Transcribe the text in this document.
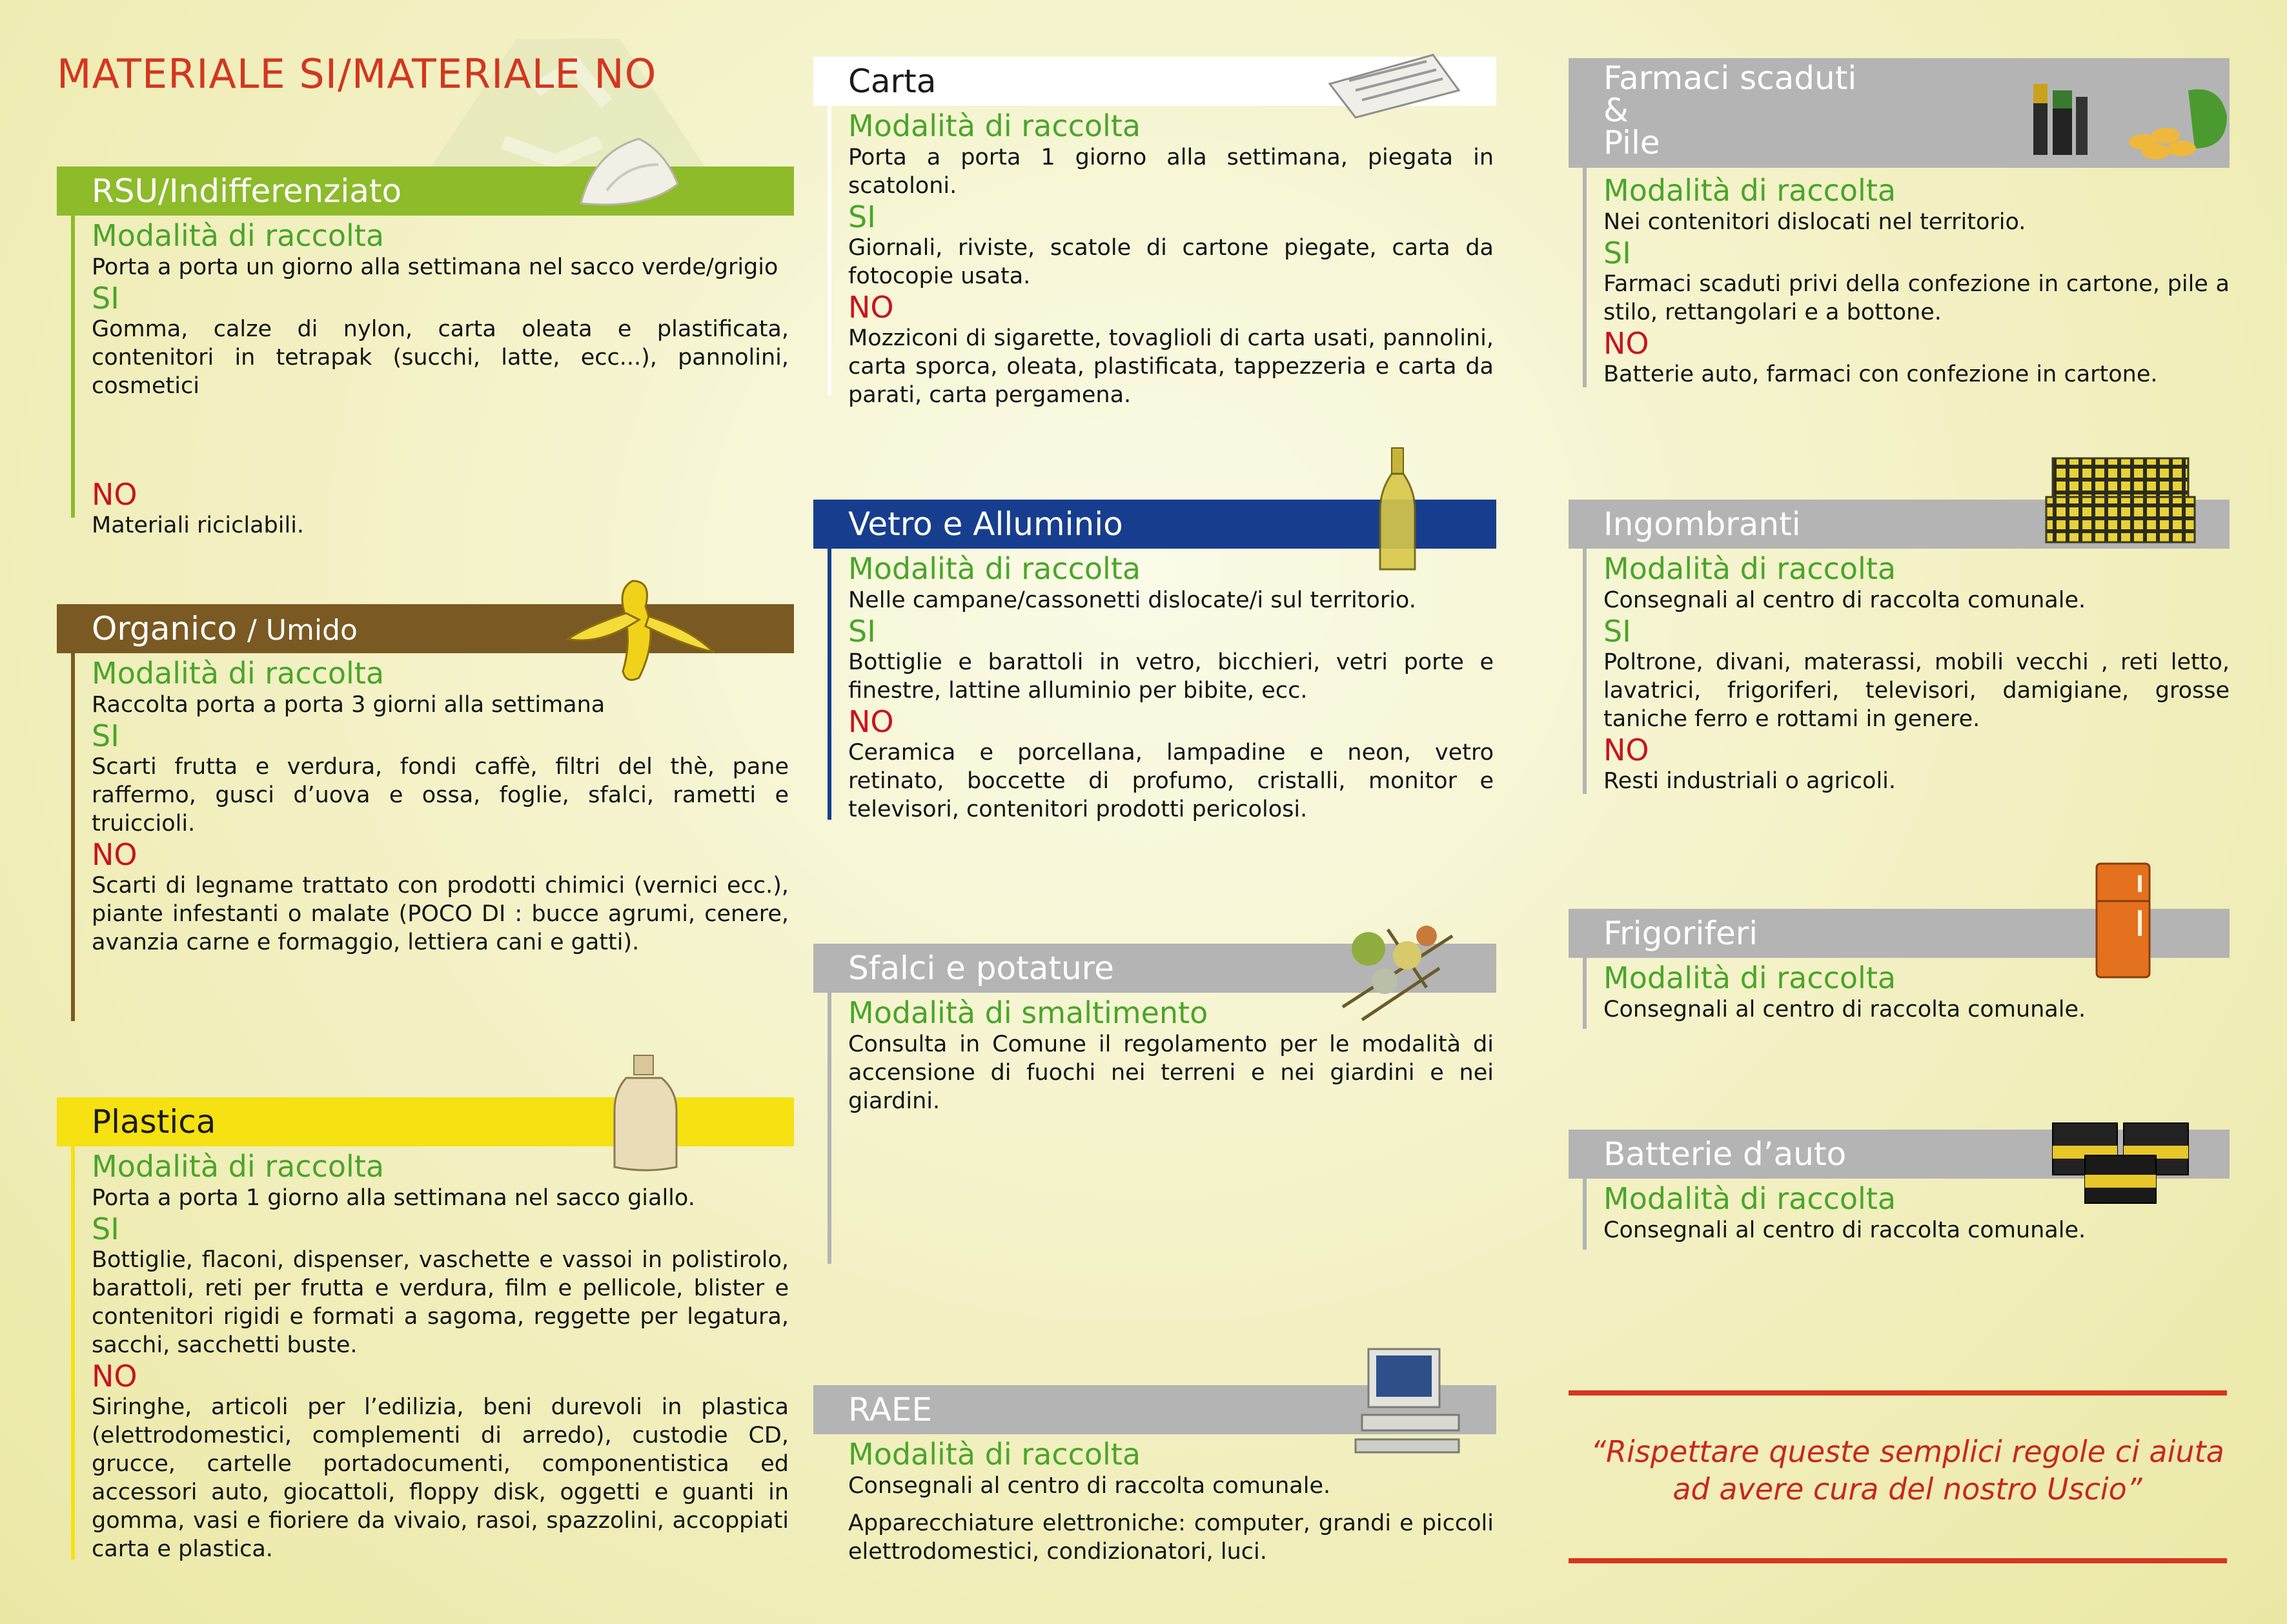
MATERIALE SI/MATERIALE NO
RSU/Indifferenziato

Modalità di raccolta

Porta a porta un giorno alla settimana nel sacco verde/grigio

SI

Gomma, calze di nylon, carta oleata e plastificata, contenitori in tetrapak (succhi, latte, ecc...), pannolini, cosmetici

NO

Materiali riciclabili.

Organico / Umido

Modalità di raccolta

Raccolta porta a porta 3 giorni alla settimana

SI

Scarti frutta e verdura, fondi caffè, filtri del thè, pane raffermo, gusci d’uova e ossa, foglie, sfalci, rametti e truiccioli.

NO

Scarti di legname trattato con prodotti chimici (vernici ecc.), piante infestanti o malate (POCO DI : bucce agrumi, cenere, avanzia carne e formaggio, lettiera cani e gatti).

Plastica

Modalità di raccolta

Porta a porta 1 giorno alla settimana nel sacco giallo.

SI

Bottiglie, flaconi, dispenser, vaschette e vassoi in polistirolo, barattoli, reti per frutta e verdura, film e pellicole, blister e contenitori rigidi e formati a sagoma, reggette per legatura, sacchi, sacchetti buste.

NO

Siringhe, articoli per l’edilizia, beni durevoli in plastica (elettrodomestici, complementi di arredo), custodie CD, grucce, cartelle portadocumenti, componentistica ed accessori auto, giocattoli, floppy disk, oggetti e guanti in gomma, vasi e fioriere da vivaio, rasoi, spazzolini, accoppiati carta e plastica.

Carta

Modalità di raccolta

Porta a porta 1 giorno alla settimana, piegata in scatoloni.

SI

Giornali, riviste, scatole di cartone piegate, carta da fotocopie usata.

NO

Mozziconi di sigarette, tovaglioli di carta usati, pannolini, carta sporca, oleata, plastificata, tappezzeria e carta da parati, carta pergamena.

Vetro e Alluminio

Modalità di raccolta

Nelle campane/cassonetti dislocate/i sul territorio.

SI

Bottiglie e barattoli in vetro, bicchieri, vetri porte e finestre, lattine alluminio per bibite, ecc.

NO

Ceramica e porcellana, lampadine e neon, vetro retinato, boccette di profumo, cristalli, monitor e televisori, contenitori prodotti pericolosi.

Sfalci e potature

Modalità di smaltimento

Consulta in Comune il regolamento per le modalità di accensione di fuochi nei terreni e nei giardini e nei giardini.

RAEE

Modalità di raccolta

Consegnali al centro di raccolta comunale.

Apparecchiature elettroniche: computer, grandi e piccoli elettrodomestici, condizionatori, luci.

Farmaci scaduti
&
Pile

Modalità di raccolta

Nei contenitori dislocati nel territorio.

SI

Farmaci scaduti privi della confezione in cartone, pile a stilo, rettangolari e a bottone.

NO

Batterie auto, farmaci con confezione in cartone.

Ingombranti

Modalità di raccolta

Consegnali al centro di raccolta comunale.

SI

Poltrone, divani, materassi, mobili vecchi , reti letto, lavatrici, frigoriferi, televisori, damigiane, grosse taniche ferro e rottami in genere.

NO

Resti industriali o agricoli.

Frigoriferi

Modalità di raccolta

Consegnali al centro di raccolta comunale.

Batterie d’auto

Modalità di raccolta

Consegnali al centro di raccolta comunale.

“Rispettare queste semplici regole ci aiuta ad avere cura del nostro Uscio”
